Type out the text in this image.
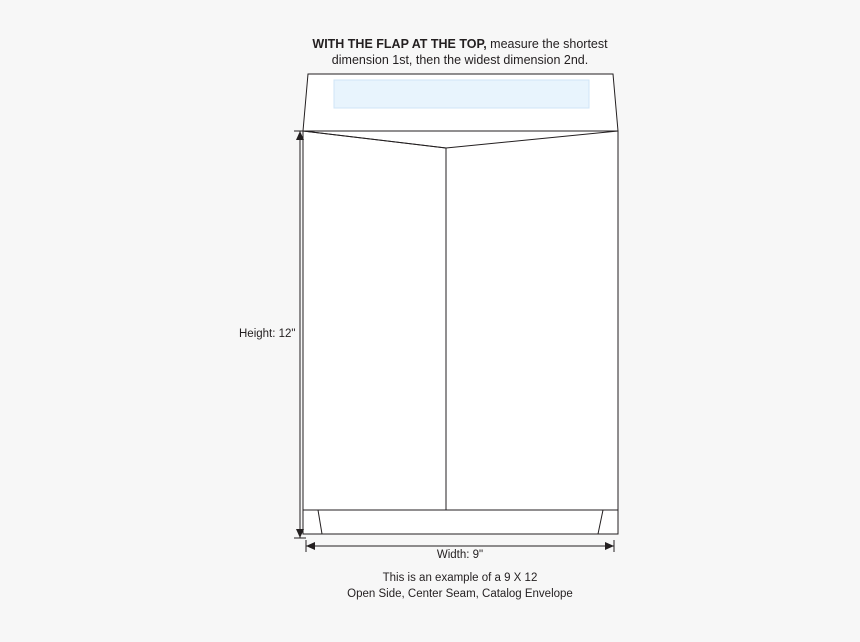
WITH THE FLAP AT THE TOP, measure the shortest
dimension 1st, then the widest dimension 2nd.
Height: 12"
Width: 9"
This is an example of a 9 X 12
Open Side, Center Seam, Catalog Envelope
